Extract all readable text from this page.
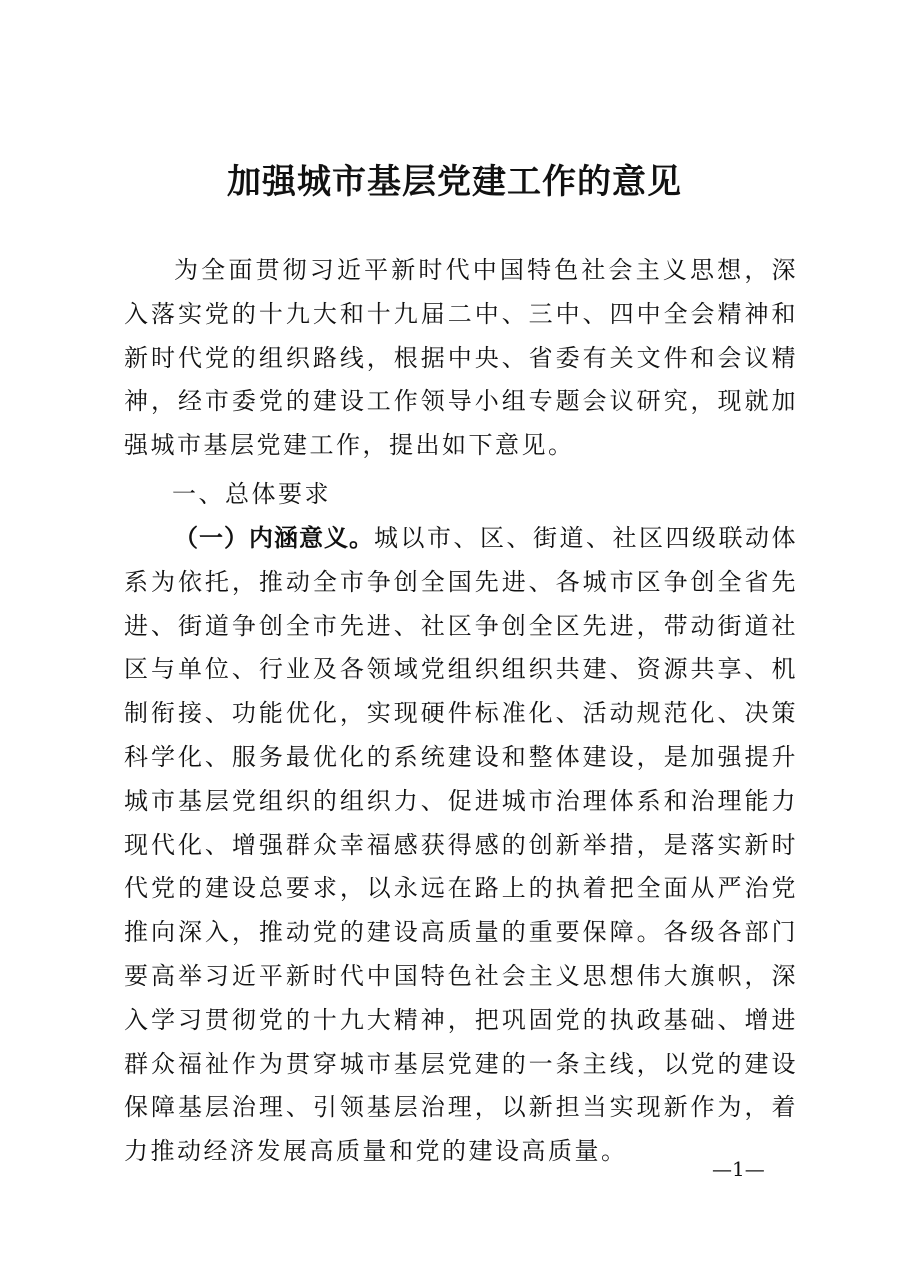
加强城市基层党建工作的意见

为全面贯彻习近平新时代中国特色社会主义思想，深入落实党的十九大和十九届二中、三中、四中全会精神和新时代党的组织路线，根据中央、省委有关文件和会议精神，经市委党的建设工作领导小组专题会议研究，现就加强城市基层党建工作，提出如下意见。

一、总体要求

（一）内涵意义。城以市、区、街道、社区四级联动体系为依托，推动全市争创全国先进、各城市区争创全省先进、街道争创全市先进、社区争创全区先进，带动街道社区与单位、行业及各领域党组织组织共建、资源共享、机制衔接、功能优化，实现硬件标准化、活动规范化、决策科学化、服务最优化的系统建设和整体建设，是加强提升城市基层党组织的组织力、促进城市治理体系和治理能力现代化、增强群众幸福感获得感的创新举措，是落实新时代党的建设总要求，以永远在路上的执着把全面从严治党推向深入，推动党的建设高质量的重要保障。各级各部门要高举习近平新时代中国特色社会主义思想伟大旗帜，深入学习贯彻党的十九大精神，把巩固党的执政基础、增进群众福祉作为贯穿城市基层党建的一条主线，以党的建设保障基层治理、引领基层治理，以新担当实现新作为，着力推动经济发展高质量和党的建设高质量。

—1—
